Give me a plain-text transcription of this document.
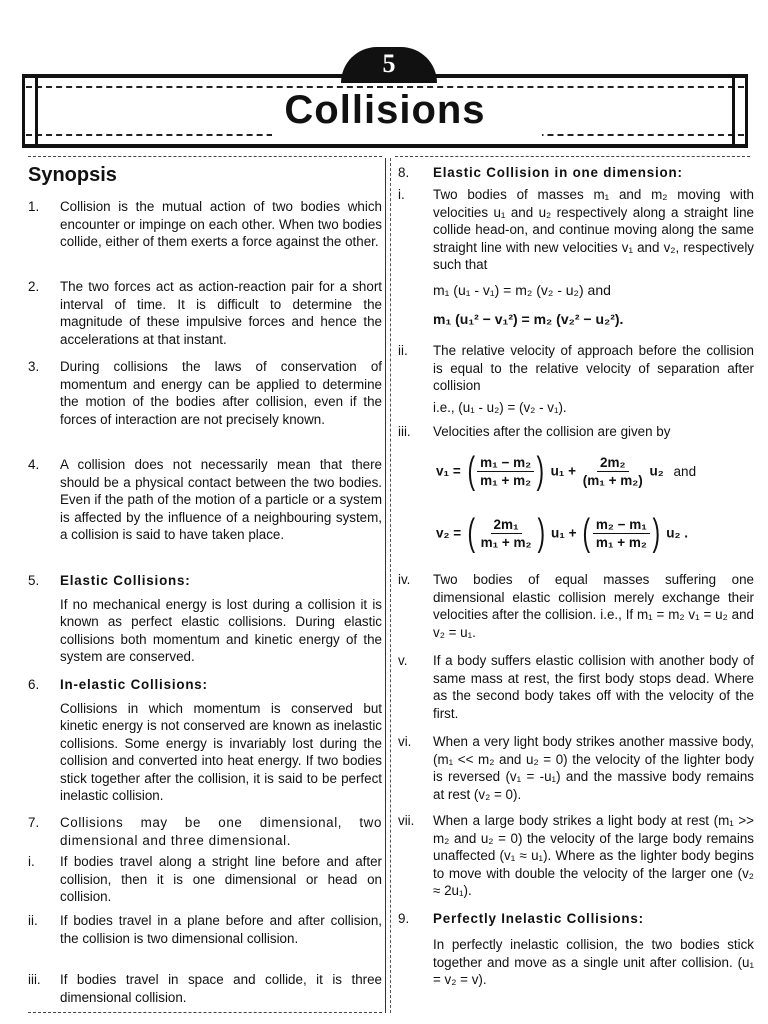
5
Collisions
Synopsis
1. Collision is the mutual action of two bodies which encounter or impinge on each other. When two bodies collide, either of them exerts a force against the other.
2. The two forces act as action-reaction pair for a short interval of time. It is difficult to determine the magnitude of these impulsive forces and hence the accelerations at that instant.
3. During collisions the laws of conservation of momentum and energy can be applied to determine the motion of the bodies after collision, even if the forces of interaction are not precisely known.
4. A collision does not necessarily mean that there should be a physical contact between the two bodies. Even if the path of the motion of a particle or a system is affected by the influence of a neighbouring system, a collision is said to have taken place.
5. Elastic Collisions:
If no mechanical energy is lost during a collision it is known as perfect elastic collisions. During elastic collisions both momentum and kinetic energy of the system are conserved.
6. In-elastic Collisions:
Collisions in which momentum is conserved but kinetic energy is not conserved are known as inelastic collisions. Some energy is invariably lost during the collision and converted into heat energy. If two bodies stick together after the collision, it is said to be perfect inelastic collision.
7. Collisions may be one dimensional, two dimensional and three dimensional.
i. If bodies travel along a stright line before and after collision, then it is one dimensional or head on collision.
ii. If bodies travel in a plane before and after collision, the collision is two dimensional collision.
iii. If bodies travel in space and collide, it is three dimensional collision.
8. Elastic Collision in one dimension:
i. Two bodies of masses m₁ and m₂ moving with velocities u₁ and u₂ respectively along a straight line collide head-on, and continue moving along the same straight line with new velocities v₁ and v₂, respectively such that
m₁ (u₁ - v₁) = m₂ (v₂ - u₂) and
m₁ (u₁² − v₁²) = m₂ (v₂² − u₂²).
ii. The relative velocity of approach before the collision is equal to the relative velocity of separation after collision
i.e., (u₁ - u₂) = (v₂ - v₁).
iii. Velocities after the collision are given by
v₁ = ( $\frac{\text{m₁ − m₂}}{\text{m₁ + m₂}}$ ) $u_1 + \frac{\text{2m₂}}{\text{(m₁ + m₂)}} u_2$ and
v₂ = ( $\frac{\text{2m₁}}{\text{m₁ + m₂}}$ ) u₁ + ( $\frac{\text{m₂ − m₁}}{\text{m₁ + m₂}}$ ) u₂ .
iv. Two bodies of equal masses suffering one dimensional elastic collision merely exchange their velocities after the collision. i.e., If m₁ = m₂ v₁ = u₂ and v₂ = u₁.
v. If a body suffers elastic collision with another body of same mass at rest, the first body stops dead. Where as the second body takes off with the velocity of the first.
vi. When a very light body strikes another massive body, (m₁ << m₂ and u₂ = 0) the velocity of the lighter body is reversed (v₁ = -u₁) and the massive body remains at rest (v₂ = 0).
vii. When a large body strikes a light body at rest (m₁ >> m₂ and u₂ = 0) the velocity of the large body remains unaffected (v₁ ≈ u₁). Where as the lighter body begins to move with double the velocity of the larger one (v₂ ≈ 2u₁).
9. Perfectly Inelastic Collisions:
In perfectly inelastic collision, the two bodies stick together and move as a single unit after collision. (u₁ = v₂ = v).
